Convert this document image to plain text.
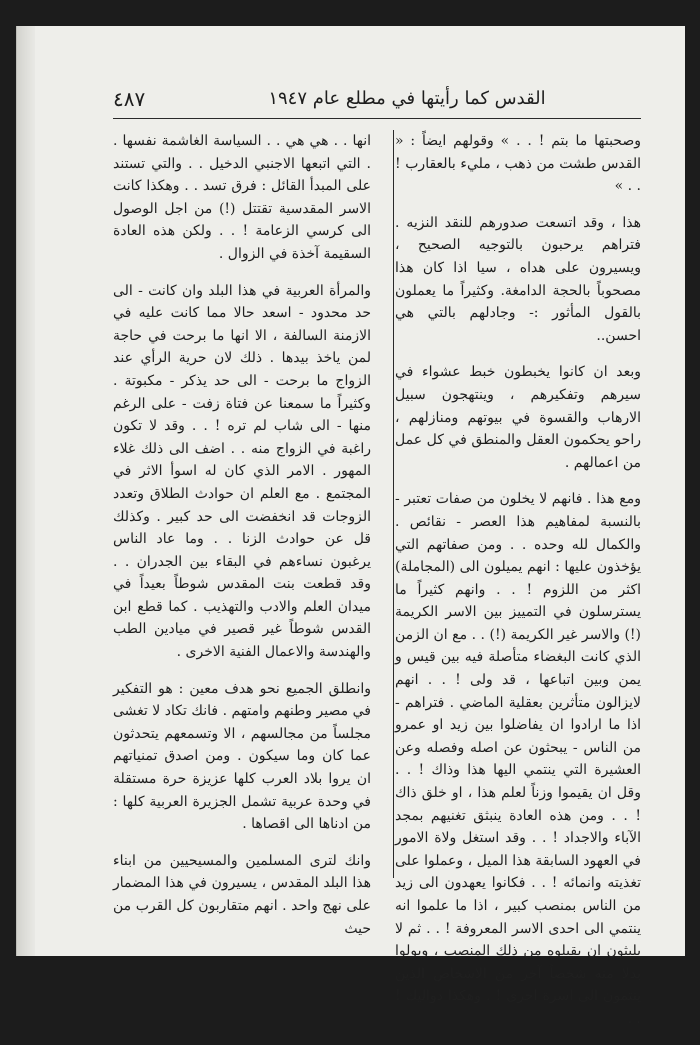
القدس كما رأيتها في مطلع عام ١٩٤٧
٤٨٧

وصحبتها ما بتم ! . . » وقولهم ايضاً : « القدس طشت من ذهب ، مليء بالعقارب ! . . »

هذا ، وقد اتسعت صدورهم للنقد النزيه . فتراهم يرحبون بالتوجيه الصحيح ، ويسيرون على هداه ، سيا اذا كان هذا مصحوباً بالحجة الدامغة. وكثيراً ما يعملون بالقول المأثور :- وجادلهم بالتي هي احسن..

وبعد ان كانوا يخبطون خبط عشواء في سيرهم وتفكيرهم ، وينتهجون سبيل الارهاب والقسوة في بيوتهم ومنازلهم ، راحو يحكمون العقل والمنطق في كل عمل من اعمالهم .

ومع هذا . فانهم لا يخلون من صفات تعتبر - بالنسبة لمفاهيم هذا العصر - نقائص . والكمال لله وحده . . ومن صفاتهم التي يؤخذون عليها : انهم يميلون الى (المجاملة) اكثر من اللزوم ! . . وانهم كثيراً ما يسترسلون في التمييز بين الاسر الكريمة (!) والاسر غير الكريمة (!) . . مع ان الزمن الذي كانت البغضاء متأصلة فيه بين قيس و يمن وبين اتباعها ، قد ولى ! . . انهم لايزالون متأثرين بعقلية الماضي . فتراهم - اذا ما ارادوا ان يفاضلوا بين زيد او عمرو من الناس - يبحثون عن اصله وفصله وعن العشيرة التي ينتمي اليها هذا وذاك ! . . وقل ان يقيموا وزناً لعلم هذا ، او خلق ذاك ! . . ومن هذه العادة ينبثق تغنيهم بمجد الآباء والاجداد ! . . وقد استغل ولاة الامور في العهود السابقة هذا الميل ، وعملوا على تغذيته وانمائه ! . . فكانوا يعهدون الى زيد من الناس بمنصب كبير ، اذا ما علموا انه ينتمي الى احدى الاسر المعروفة ! . . ثم لا يلبثون ان يقيلوه من ذلك المنصب ، ويولوا بدلا منه شخصاً آخر من الاشخاص الذين ينتمون الى اسرة اخرى ! . وهكذا دواليك ! . .

انها . . هي هي . . السياسة الغاشمة نفسها . . التي اتبعها الاجنبي الدخيل . . والتي تستند على المبدأ القائل : فرق تسد . . وهكذا كانت الاسر المقدسية تقتتل (!) من اجل الوصول الى كرسي الزعامة ! . . ولكن هذه العادة السقيمة آخذة في الزوال .

والمرأة العربية في هذا البلد وان كانت - الى حد محدود - اسعد حالا مما كانت عليه في الازمنة السالفة ، الا انها ما برحت في حاجة لمن ياخذ بيدها . ذلك لان حرية الرأي عند الزواج ما برحت - الى حد يذكر - مكبوتة . وكثيراً ما سمعنا عن فتاة زفت - على الرغم منها - الى شاب لم تره ! . . وقد لا تكون راغبة في الزواج منه . . اضف الى ذلك غلاء المهور . الامر الذي كان له اسوأ الاثر في المجتمع . مع العلم ان حوادث الطلاق وتعدد الزوجات قد انخفضت الى حد كبير . وكذلك قل عن حوادث الزنا . . وما عاد الناس يرغبون نساءهم في البقاء بين الجدران . . وقد قطعت بنت المقدس شوطاً بعيداً في ميدان العلم والادب والتهذيب . كما قطع ابن القدس شوطاً غير قصير في ميادين الطب والهندسة والاعمال الفنية الاخرى .

وانطلق الجميع نحو هدف معين : هو التفكير في مصير وطنهم وامتهم . فانك تكاد لا تغشى مجلساً من مجالسهم ، الا وتسمعهم يتحدثون عما كان وما سيكون . ومن اصدق تمنياتهم ان يروا بلاد العرب كلها عزيزة حرة مستقلة في وحدة عربية تشمل الجزيرة العربية كلها : من ادناها الى اقصاها .

وانك لترى المسلمين والمسيحيين من ابناء هذا البلد المقدس ، يسيرون في هذا المضمار على نهج واحد . انهم متقاربون كل القرب من حيث
